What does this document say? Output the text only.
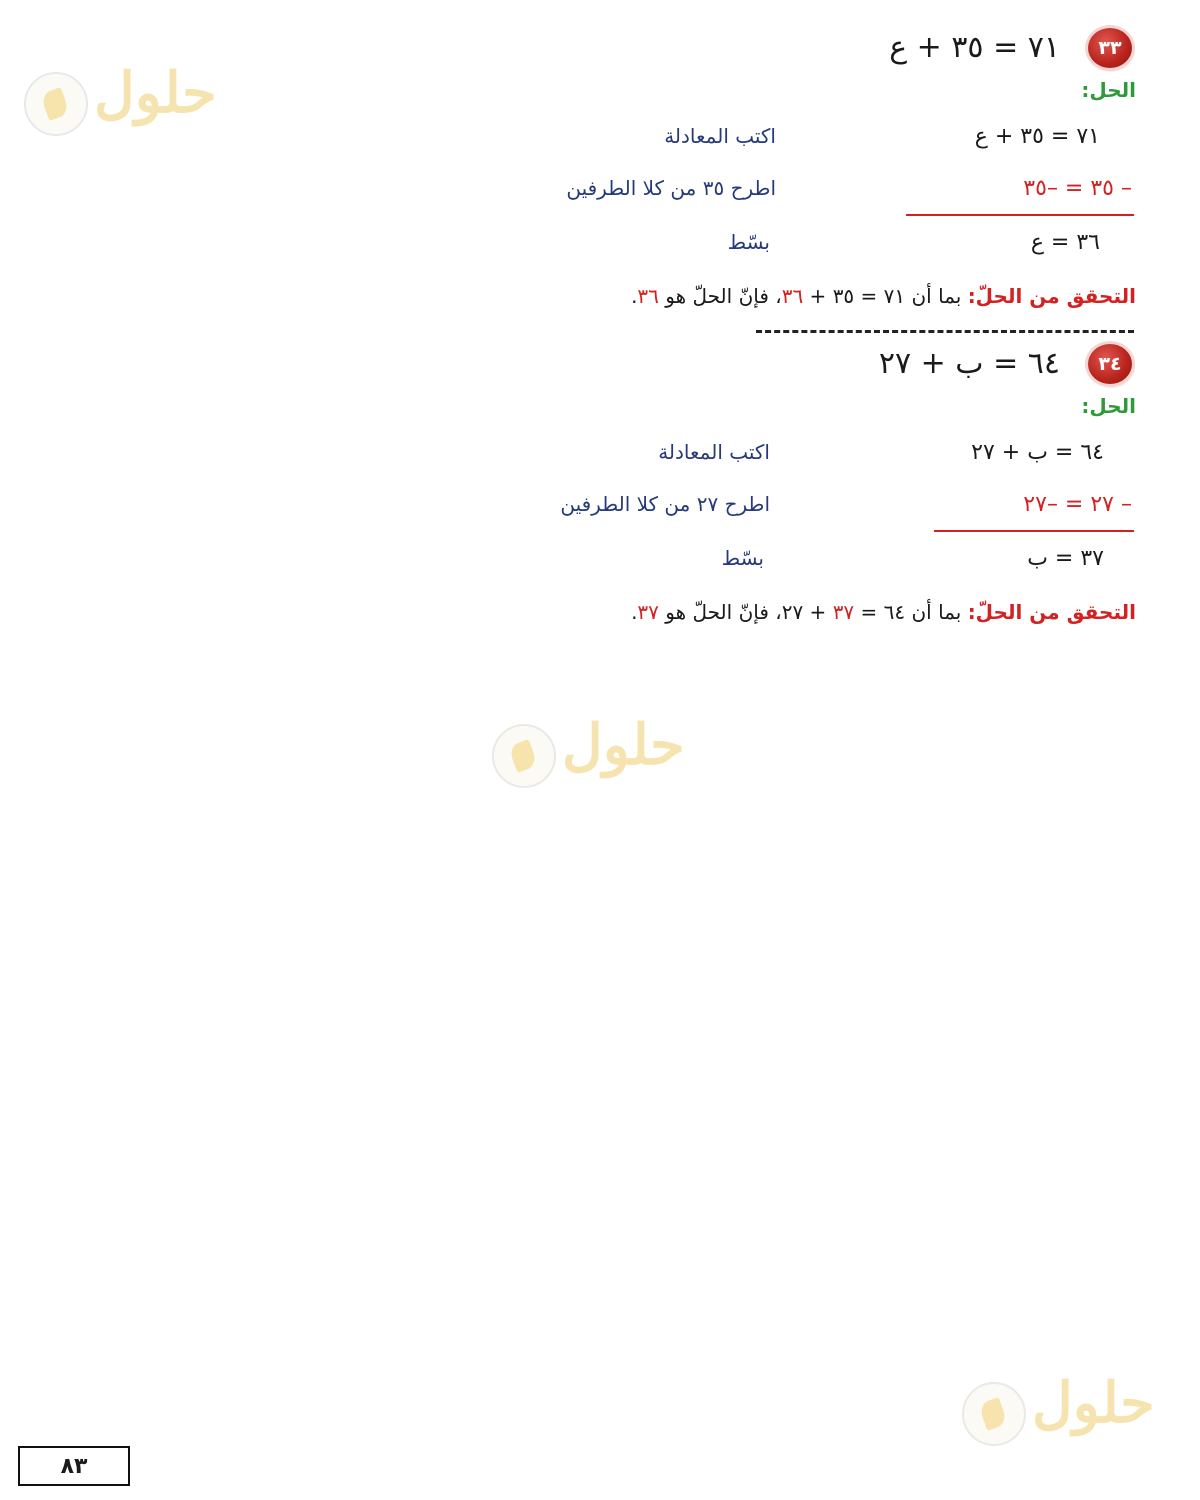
حلول
حلول
حلول
٣٣
٧١ = ٣٥ + ع
الحل:
٧١ = ٣٥ + ع
اكتب المعادلة
– ٣٥ = –٣٥
اطرح ٣٥ من كلا الطرفين
٣٦ = ع
بسّط
التحقق من الحلّ: بما أن ٧١ = ٣٥ + ٣٦، فإنّ الحلّ هو ٣٦.
٣٤
٦٤ = ب + ٢٧
الحل:
٦٤ = ب + ٢٧
اكتب المعادلة
– ٢٧ = –٢٧
اطرح ٢٧ من كلا الطرفين
٣٧ = ب
بسّط
التحقق من الحلّ: بما أن ٦٤ = ٣٧ + ٢٧، فإنّ الحلّ هو ٣٧.
٨٣
